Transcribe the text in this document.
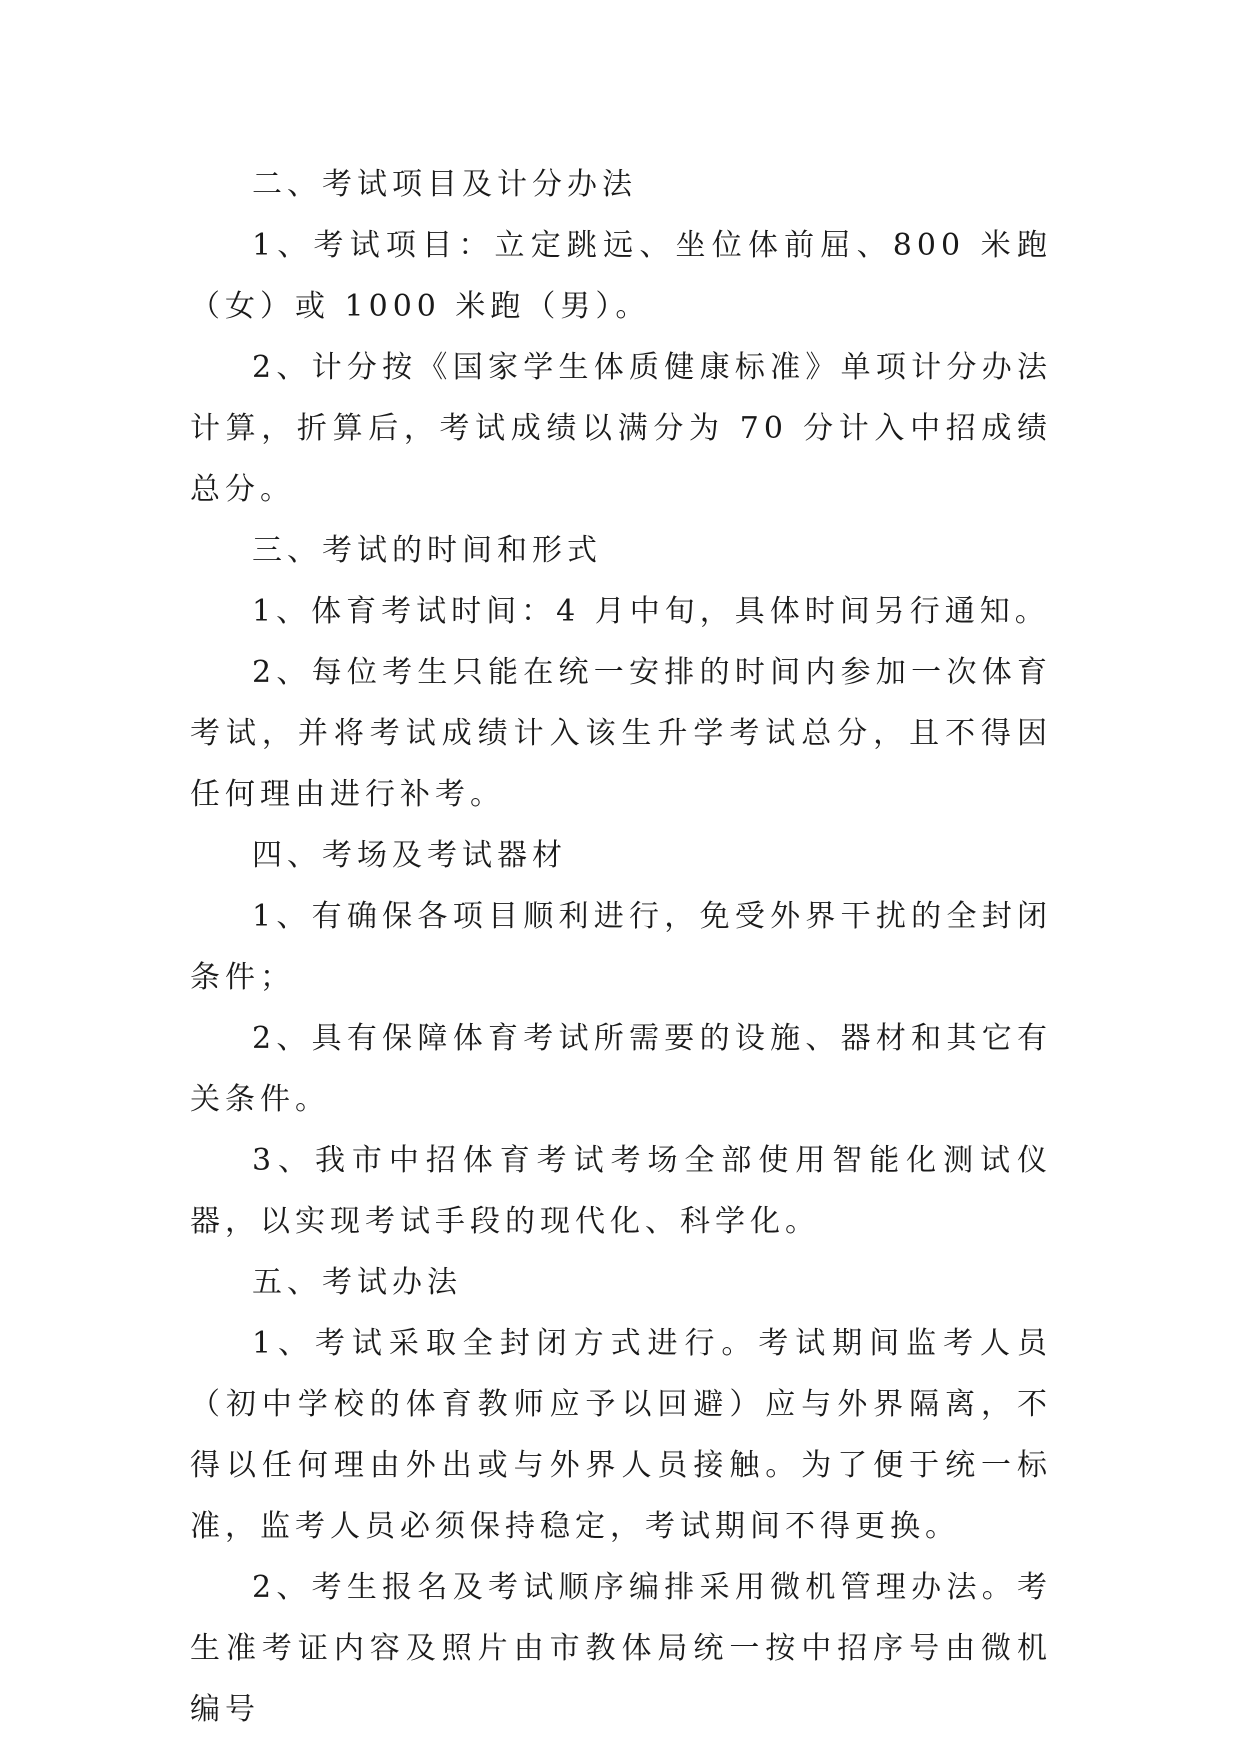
二、考试项目及计分办法

1、考试项目：立定跳远、坐位体前屈、800 米跑（女）或 1000 米跑（男）。

2、计分按《国家学生体质健康标准》单项计分办法计算，折算后，考试成绩以满分为 70 分计入中招成绩总分。

三、考试的时间和形式

1、体育考试时间：4 月中旬，具体时间另行通知。

2、每位考生只能在统一安排的时间内参加一次体育考试，并将考试成绩计入该生升学考试总分，且不得因任何理由进行补考。

四、考场及考试器材

1、有确保各项目顺利进行，免受外界干扰的全封闭条件；

2、具有保障体育考试所需要的设施、器材和其它有关条件。

3、我市中招体育考试考场全部使用智能化测试仪器，以实现考试手段的现代化、科学化。

五、考试办法

1、考试采取全封闭方式进行。考试期间监考人员（初中学校的体育教师应予以回避）应与外界隔离，不得以任何理由外出或与外界人员接触。为了便于统一标准，监考人员必须保持稳定，考试期间不得更换。

2、考生报名及考试顺序编排采用微机管理办法。考生准考证内容及照片由市教体局统一按中招序号由微机编号
